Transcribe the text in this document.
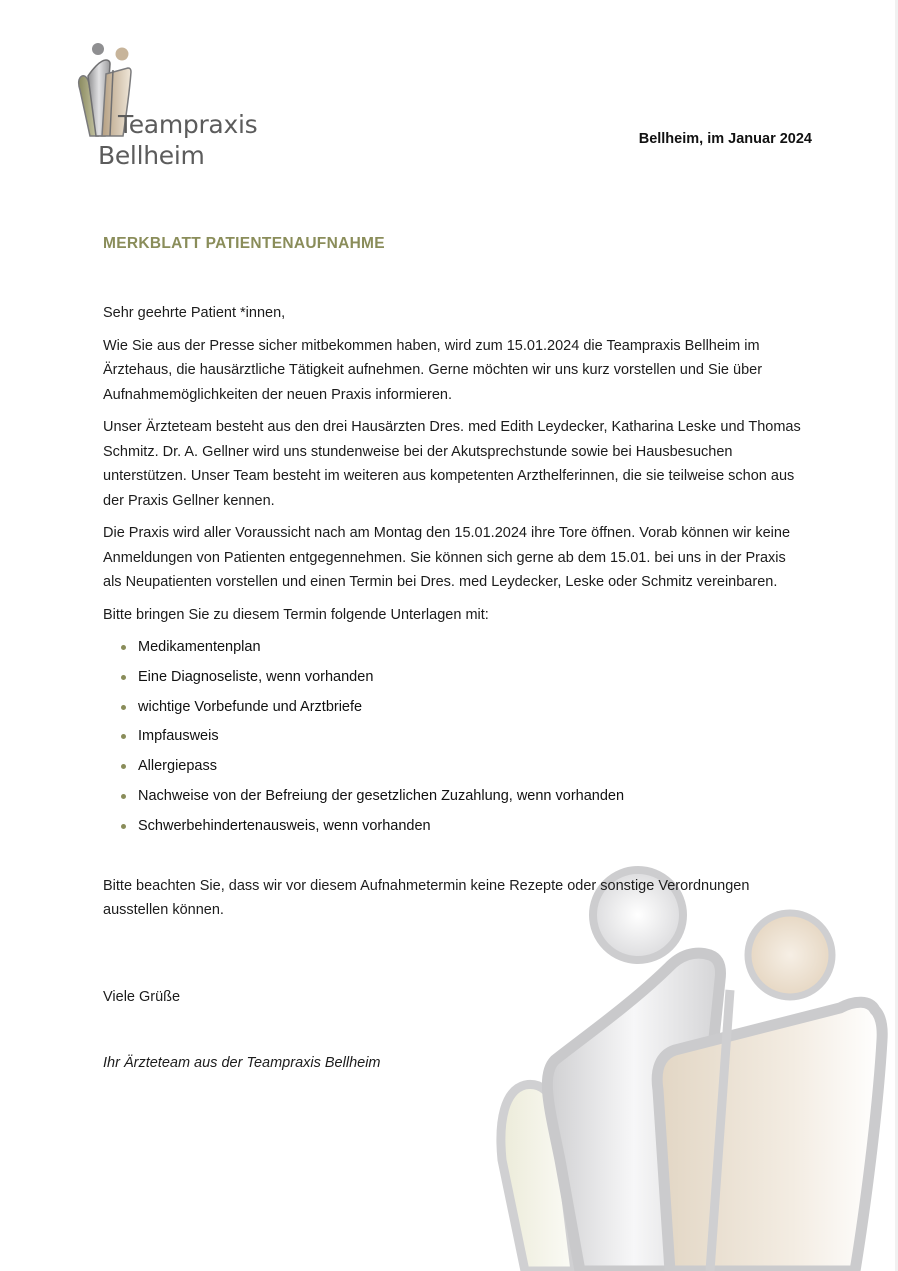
Teampraxis
Bellheim
Bellheim, im Januar 2024
MERKBLATT PATIENTENAUFNAHME

Sehr geehrte Patient *innen,

Wie Sie aus der Presse sicher mitbekommen haben, wird zum 15.01.2024 die Teampraxis Bellheim im Ärztehaus, die hausärztliche Tätigkeit aufnehmen. Gerne möchten wir uns kurz vorstellen und Sie über Aufnahmemöglichkeiten der neuen Praxis informieren.

Unser Ärzteteam besteht aus den drei Hausärzten Dres. med Edith Leydecker, Katharina Leske und Thomas Schmitz. Dr. A. Gellner wird uns stundenweise bei der Akutsprechstunde sowie bei Hausbesuchen unterstützen. Unser Team besteht im weiteren aus kompetenten Arzthelferinnen, die sie teilweise schon aus der Praxis Gellner kennen.

Die Praxis wird aller Voraussicht nach am Montag den 15.01.2024 ihre Tore öffnen. Vorab können wir keine Anmeldungen von Patienten entgegennehmen. Sie können sich gerne ab dem 15.01. bei uns in der Praxis als Neupatienten vorstellen und einen Termin bei Dres. med Leydecker, Leske oder Schmitz vereinbaren.

Bitte bringen Sie zu diesem Termin folgende Unterlagen mit:

Medikamentenplan
Eine Diagnoseliste, wenn vorhanden
wichtige Vorbefunde und Arztbriefe
Impfausweis
Allergiepass
Nachweise von der Befreiung der gesetzlichen Zuzahlung, wenn vorhanden
Schwerbehindertenausweis, wenn vorhanden

Bitte beachten Sie, dass wir vor diesem Aufnahmetermin keine Rezepte oder sonstige Verordnungen ausstellen können.

Viele Grüße
Ihr Ärzteteam aus der Teampraxis Bellheim
